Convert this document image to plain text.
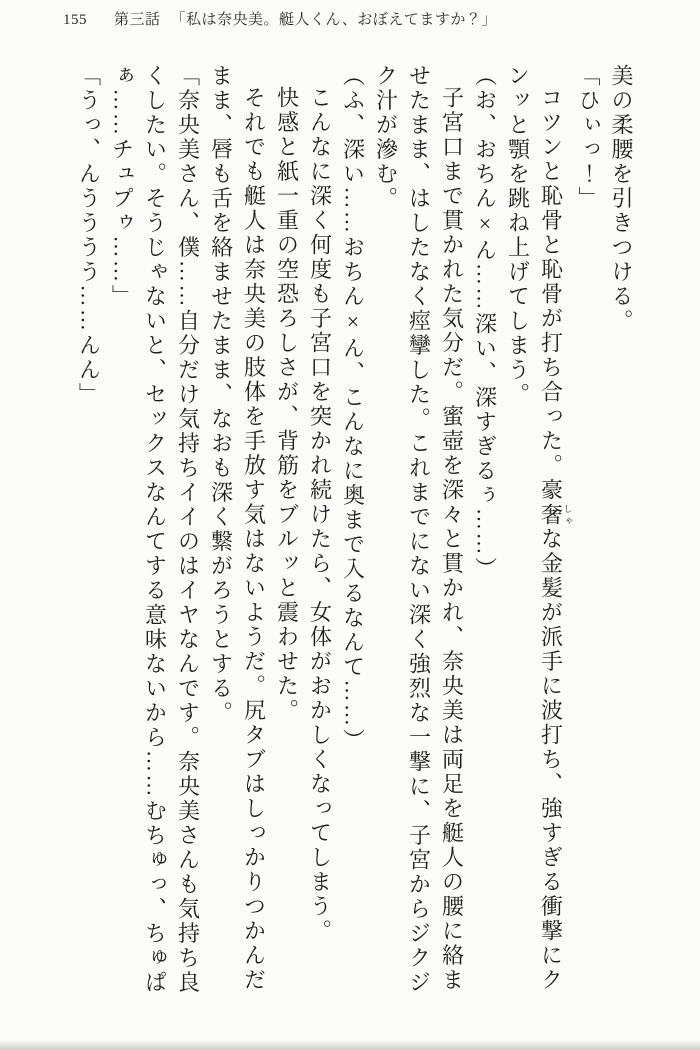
155 第三話 「私は奈央美。艇人くん、おぼえてますか？」

美の柔腰を引きつける。

「ひぃっ！」

コツンと恥骨と恥骨が打ち合った。豪奢しゃな金髪が派手に波打ち、強すぎる衝撃にクンッと顎を跳ね上げてしまう。

（お、おちん×ん……深い、深すぎるぅ……）

子宮口まで貫かれた気分だ。蜜壺を深々と貫かれ、奈央美は両足を艇人の腰に絡ませたまま、はしたなく痙攣した。これまでにない深く強烈な一撃に、子宮からジクジク汁が滲む。

（ふ、深い……おちん×ん、こんなに奥まで入るなんて……）

こんなに深く何度も子宮口を突かれ続けたら、女体がおかしくなってしまう。

快感と紙一重の空恐ろしさが、背筋をブルッと震わせた。

それでも艇人は奈央美の肢体を手放す気はないようだ。尻タブはしっかりつかんだまま、唇も舌を絡ませたまま、なおも深く繋がろうとする。

「奈央美さん、僕……自分だけ気持ちイイのはイヤなんです。奈央美さんも気持ち良くしたい。そうじゃないと、セックスなんてする意味ないから……むちゅっ、ちゅぱぁ……チュプゥ……」

「うっ、んうううう……んん」
